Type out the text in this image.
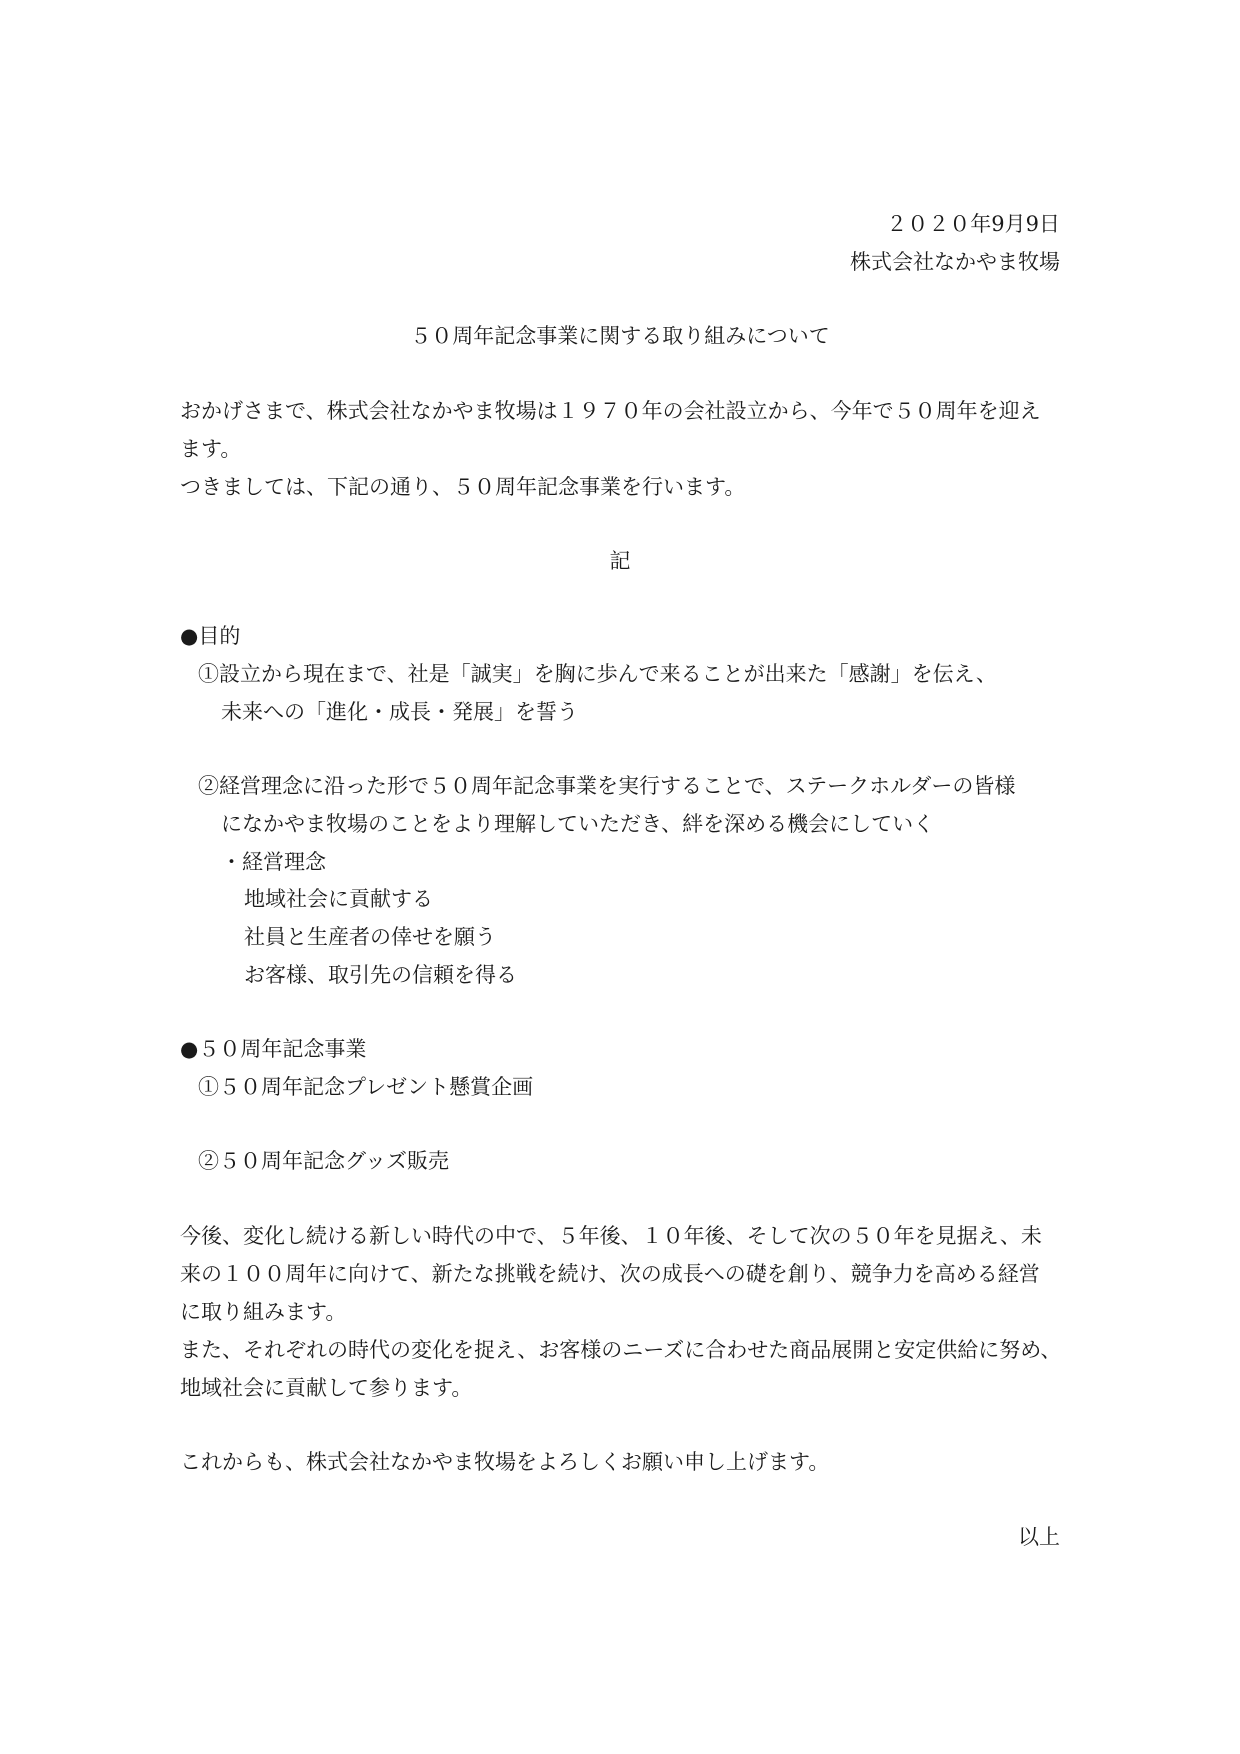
２０２０年9月9日
株式会社なかやま牧場
５０周年記念事業に関する取り組みについて
おかげさまで、株式会社なかやま牧場は１９７０年の会社設立から、今年で５０周年を迎え
ます。
つきましては、下記の通り、５０周年記念事業を行います。
記
●目的
①設立から現在まで、社是「誠実」を胸に歩んで来ることが出来た「感謝」を伝え、
未来への「進化・成長・発展」を誓う
②経営理念に沿った形で５０周年記念事業を実行することで、ステークホルダーの皆様
になかやま牧場のことをより理解していただき、絆を深める機会にしていく
・経営理念
地域社会に貢献する
社員と生産者の倖せを願う
お客様、取引先の信頼を得る
●５０周年記念事業
①５０周年記念プレゼント懸賞企画
②５０周年記念グッズ販売
今後、変化し続ける新しい時代の中で、５年後、１０年後、そして次の５０年を見据え、未
来の１００周年に向けて、新たな挑戦を続け、次の成長への礎を創り、競争力を高める経営
に取り組みます。
また、それぞれの時代の変化を捉え、お客様のニーズに合わせた商品展開と安定供給に努め、
地域社会に貢献して参ります。
これからも、株式会社なかやま牧場をよろしくお願い申し上げます。
以上
